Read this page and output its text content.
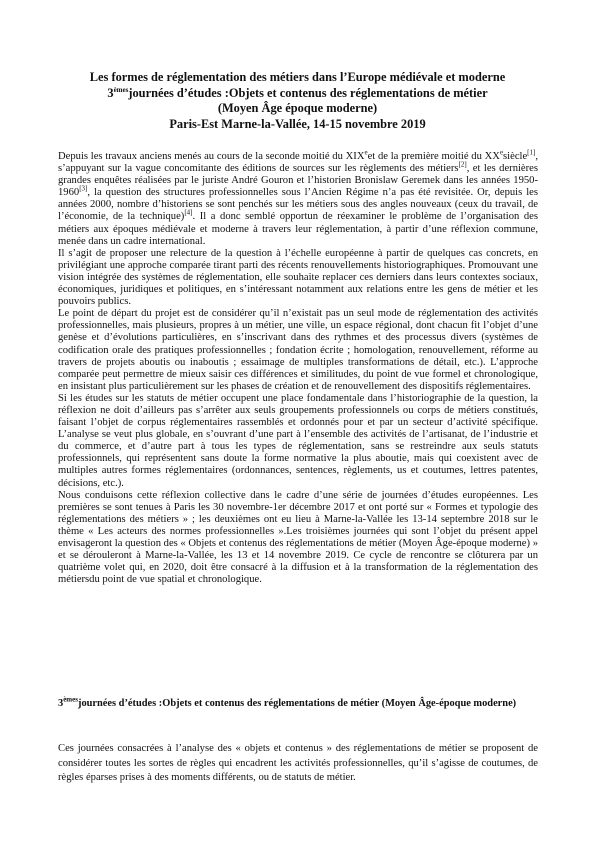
Les formes de réglementation des métiers dans l’Europe médiévale et moderne
3èmesjournées d’études :Objets et contenus des réglementations de métier
(Moyen Âge époque moderne)
Paris-Est Marne-la-Vallée, 14-15 novembre 2019

Depuis les travaux anciens menés au cours de la seconde moitié du XIXeet de la première moitié du XXesiècle[1], s’appuyant sur la vague concomitante des éditions de sources sur les règlements des métiers[2], et les dernières grandes enquêtes réalisées par le juriste André Gouron et l’historien Bronislaw Geremek dans les années 1950-1960[3], la question des structures professionnelles sous l’Ancien Régime n’a pas été revisitée. Or, depuis les années 2000, nombre d’historiens se sont penchés sur les métiers sous des angles nouveaux (ceux du travail, de l’économie, de la technique)[4]. Il a donc semblé opportun de réexaminer le problème de l’organisation des métiers aux époques médiévale et moderne à travers leur réglementation, à partir d’une réflexion commune, menée dans un cadre international.

Il s’agit de proposer une relecture de la question à l’échelle européenne à partir de quelques cas concrets, en privilégiant une approche comparée tirant parti des récents renouvellements historiographiques. Promouvant une vision intégrée des systèmes de réglementation, elle souhaite replacer ces derniers dans leurs contextes sociaux, économiques, juridiques et politiques, en s’intéressant notamment aux relations entre les gens de métier et les pouvoirs publics.

Le point de départ du projet est de considérer qu’il n’existait pas un seul mode de réglementation des activités professionnelles, mais plusieurs, propres à un métier, une ville, un espace régional, dont chacun fit l’objet d’une genèse et d’évolutions particulières, en s’inscrivant dans des rythmes et des processus divers (systèmes de codification orale des pratiques professionnelles ; fondation écrite ; homologation, renouvellement, réforme au travers de projets aboutis ou inaboutis ; essaimage de multiples transformations de détail, etc.). L’approche comparée peut permettre de mieux saisir ces différences et similitudes, du point de vue formel et chronologique, en insistant plus particulièrement sur les phases de création et de renouvellement des dispositifs réglementaires.

Si les études sur les statuts de métier occupent une place fondamentale dans l’historiographie de la question, la réflexion ne doit d’ailleurs pas s’arrêter aux seuls groupements professionnels ou corps de métiers constitués, faisant l’objet de corpus réglementaires rassemblés et ordonnés pour et par un secteur d’activité spécifique. L’analyse se veut plus globale, en s’ouvrant d’une part à l’ensemble des activités de l’artisanat, de l’industrie et du commerce, et d’autre part à tous les types de réglementation, sans se restreindre aux seuls statuts professionnels, qui représentent sans doute la forme normative la plus aboutie, mais qui coexistent avec de multiples autres formes réglementaires (ordonnances, sentences, règlements, us et coutumes, lettres patentes, décisions, etc.).

Nous conduisons cette réflexion collective dans le cadre d’une série de journées d’études européennes. Les premières se sont tenues à Paris les 30 novembre-1er décembre 2017 et ont porté sur « Formes et typologie des réglementations des métiers » ; les deuxièmes ont eu lieu à Marne-la-Vallée les 13-14 septembre 2018 sur le thème « Les acteurs des normes professionnelles ».Les troisièmes journées qui sont l’objet du présent appel envisageront la question des « Objets et contenus des réglementations de métier (Moyen Âge-époque moderne) » et se dérouleront à Marne-la-Vallée, les 13 et 14 novembre 2019. Ce cycle de rencontre se clôturera par un quatrième volet qui, en 2020, doit être consacré à la diffusion et à la transformation de la réglementation des métiersdu point de vue spatial et chronologique.

3èmesjournées d’études :Objets et contenus des réglementations de métier (Moyen Âge-époque moderne)
Ces journées consacrées à l’analyse des « objets et contenus » des réglementations de métier se proposent de considérer toutes les sortes de règles qui encadrent les activités professionnelles, qu’il s’agisse de coutumes, de règles éparses prises à des moments différents, ou de statuts de métier.
